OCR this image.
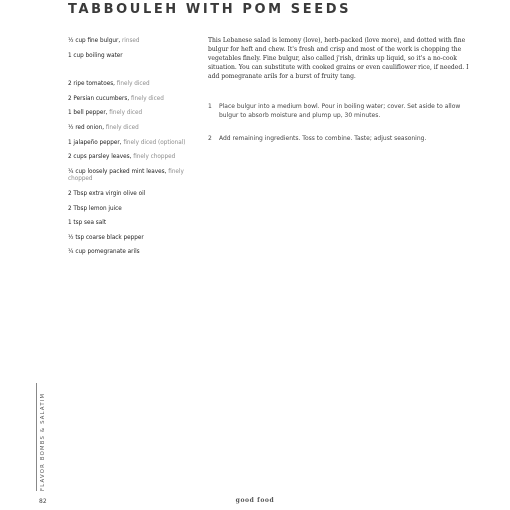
TABBOULEH WITH POM SEEDS
½ cup fine bulgur, rinsed
1 cup boiling water
2 ripe tomatoes, finely diced
2 Persian cucumbers, finely diced
1 bell pepper, finely diced
½ red onion, finely diced
1 jalapeño pepper, finely diced (optional)
2 cups parsley leaves, finely chopped
¼ cup loosely packed mint leaves, finely chopped
2 Tbsp extra virgin olive oil
2 Tbsp lemon juice
1 tsp sea salt
½ tsp coarse black pepper
¼ cup pomegranate arils

This Lebanese salad is lemony (love), herb-packed (love more), and dotted with fine bulgur for heft and chew. It's fresh and crisp and most of the work is chopping the vegetables finely. Fine bulgur, also called j'rish, drinks up liquid, so it's a no-cook situation. You can substitute with cooked grains or even cauliflower rice, if needed. I add pomegranate arils for a burst of fruity tang.

1 Place bulgur into a medium bowl. Pour in boiling water; cover. Set aside to allow bulgur to absorb moisture and plump up, 30 minutes.
2 Add remaining ingredients. Toss to combine. Taste; adjust seasoning.
FLAVOR BOMBS & SALATIM
82	good food
